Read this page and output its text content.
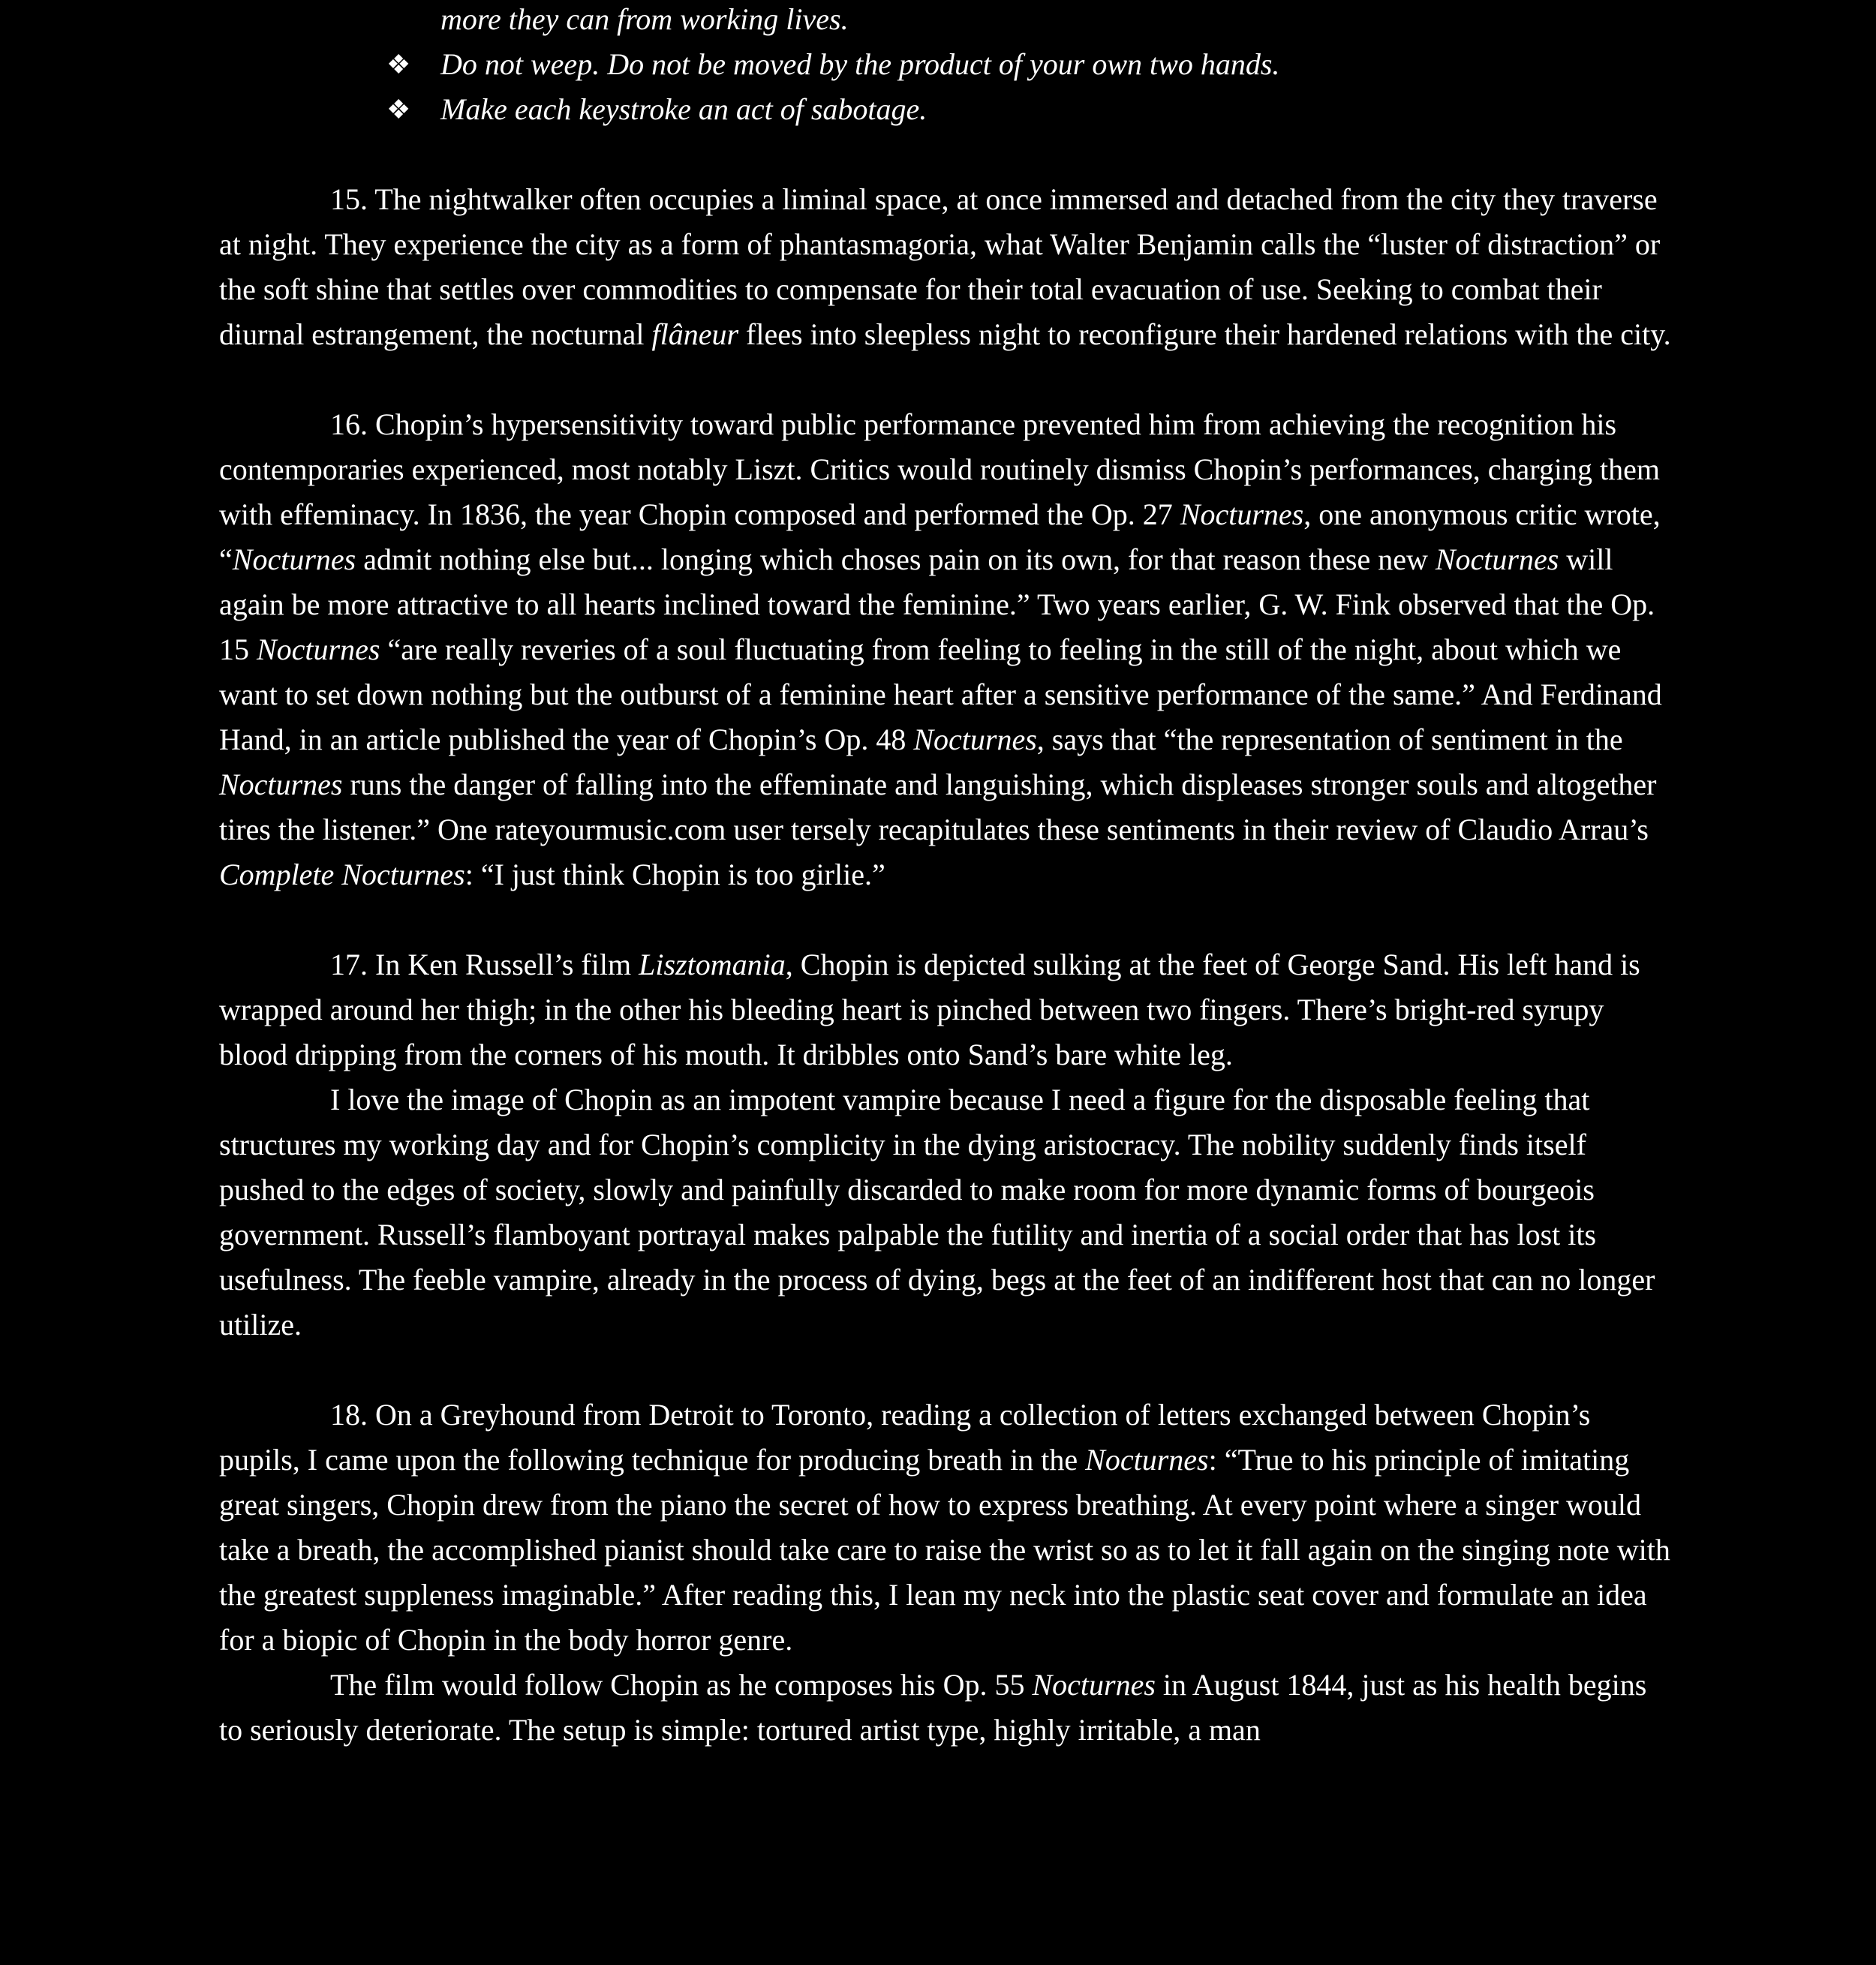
more they can from working lives.
❖ Do not weep. Do not be moved by the product of your own two hands.
❖ Make each keystroke an act of sabotage.

15. The nightwalker often occupies a liminal space, at once immersed and detached from the city they traverse at night. They experience the city as a form of phantasmagoria, what Walter Benjamin calls the “luster of distraction” or the soft shine that settles over commodities to compensate for their total evacuation of use. Seeking to combat their diurnal estrangement, the nocturnal flâneur flees into sleepless night to reconfigure their hardened relations with the city.

16. Chopin’s hypersensitivity toward public performance prevented him from achieving the recognition his contemporaries experienced, most notably Liszt. Critics would routinely dismiss Chopin’s performances, charging them with effeminacy. In 1836, the year Chopin composed and performed the Op. 27 Nocturnes, one anonymous critic wrote, “Nocturnes admit nothing else but... longing which choses pain on its own, for that reason these new Nocturnes will again be more attractive to all hearts inclined toward the feminine.” Two years earlier, G. W. Fink observed that the Op. 15 Nocturnes “are really reveries of a soul fluctuating from feeling to feeling in the still of the night, about which we want to set down nothing but the outburst of a feminine heart after a sensitive performance of the same.” And Ferdinand Hand, in an article published the year of Chopin’s Op. 48 Nocturnes, says that “the representation of sentiment in the Nocturnes runs the danger of falling into the effeminate and languishing, which displeases stronger souls and altogether tires the listener.” One rateyourmusic.com user tersely recapitulates these sentiments in their review of Claudio Arrau’s Complete Nocturnes: “I just think Chopin is too girlie.”

17. In Ken Russell’s film Lisztomania, Chopin is depicted sulking at the feet of George Sand. His left hand is wrapped around her thigh; in the other his bleeding heart is pinched between two fingers. There’s bright-red syrupy blood dripping from the corners of his mouth. It dribbles onto Sand’s bare white leg.

I love the image of Chopin as an impotent vampire because I need a figure for the disposable feeling that structures my working day and for Chopin’s complicity in the dying aristocracy. The nobility suddenly finds itself pushed to the edges of society, slowly and painfully discarded to make room for more dynamic forms of bourgeois government. Russell’s flamboyant portrayal makes palpable the futility and inertia of a social order that has lost its usefulness. The feeble vampire, already in the process of dying, begs at the feet of an indifferent host that can no longer utilize.

18. On a Greyhound from Detroit to Toronto, reading a collection of letters exchanged between Chopin’s pupils, I came upon the following technique for producing breath in the Nocturnes: “True to his principle of imitating great singers, Chopin drew from the piano the secret of how to express breathing. At every point where a singer would take a breath, the accomplished pianist should take care to raise the wrist so as to let it fall again on the singing note with the greatest suppleness imaginable.” After reading this, I lean my neck into the plastic seat cover and formulate an idea for a biopic of Chopin in the body horror genre.

The film would follow Chopin as he composes his Op. 55 Nocturnes in August 1844, just as his health begins to seriously deteriorate. The setup is simple: tortured artist type, highly irritable, a man
